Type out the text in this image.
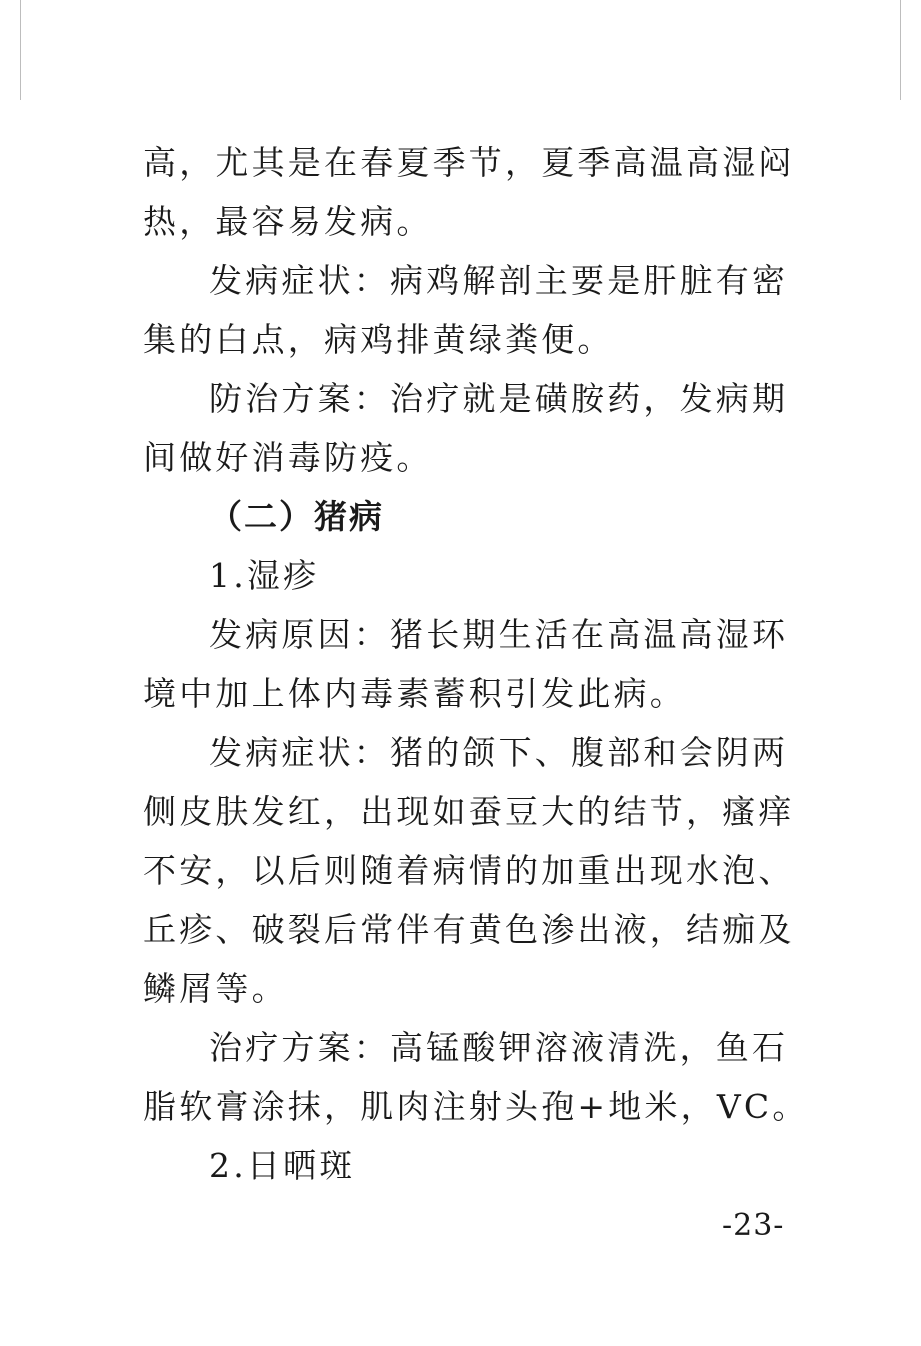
高，尤其是在春夏季节，夏季高温高湿闷
热，最容易发病。
发病症状：病鸡解剖主要是肝脏有密
集的白点，病鸡排黄绿粪便。
防治方案：治疗就是磺胺药，发病期
间做好消毒防疫。
（二）猪病
1.湿疹
发病原因：猪长期生活在高温高湿环
境中加上体内毒素蓄积引发此病。
发病症状：猪的颌下、腹部和会阴两
侧皮肤发红，出现如蚕豆大的结节，瘙痒
不安，以后则随着病情的加重出现水泡、
丘疹、破裂后常伴有黄色渗出液，结痂及
鳞屑等。
治疗方案：高锰酸钾溶液清洗，鱼石
脂软膏涂抹，肌肉注射头孢+地米，VC。
2.日晒斑
-23-
